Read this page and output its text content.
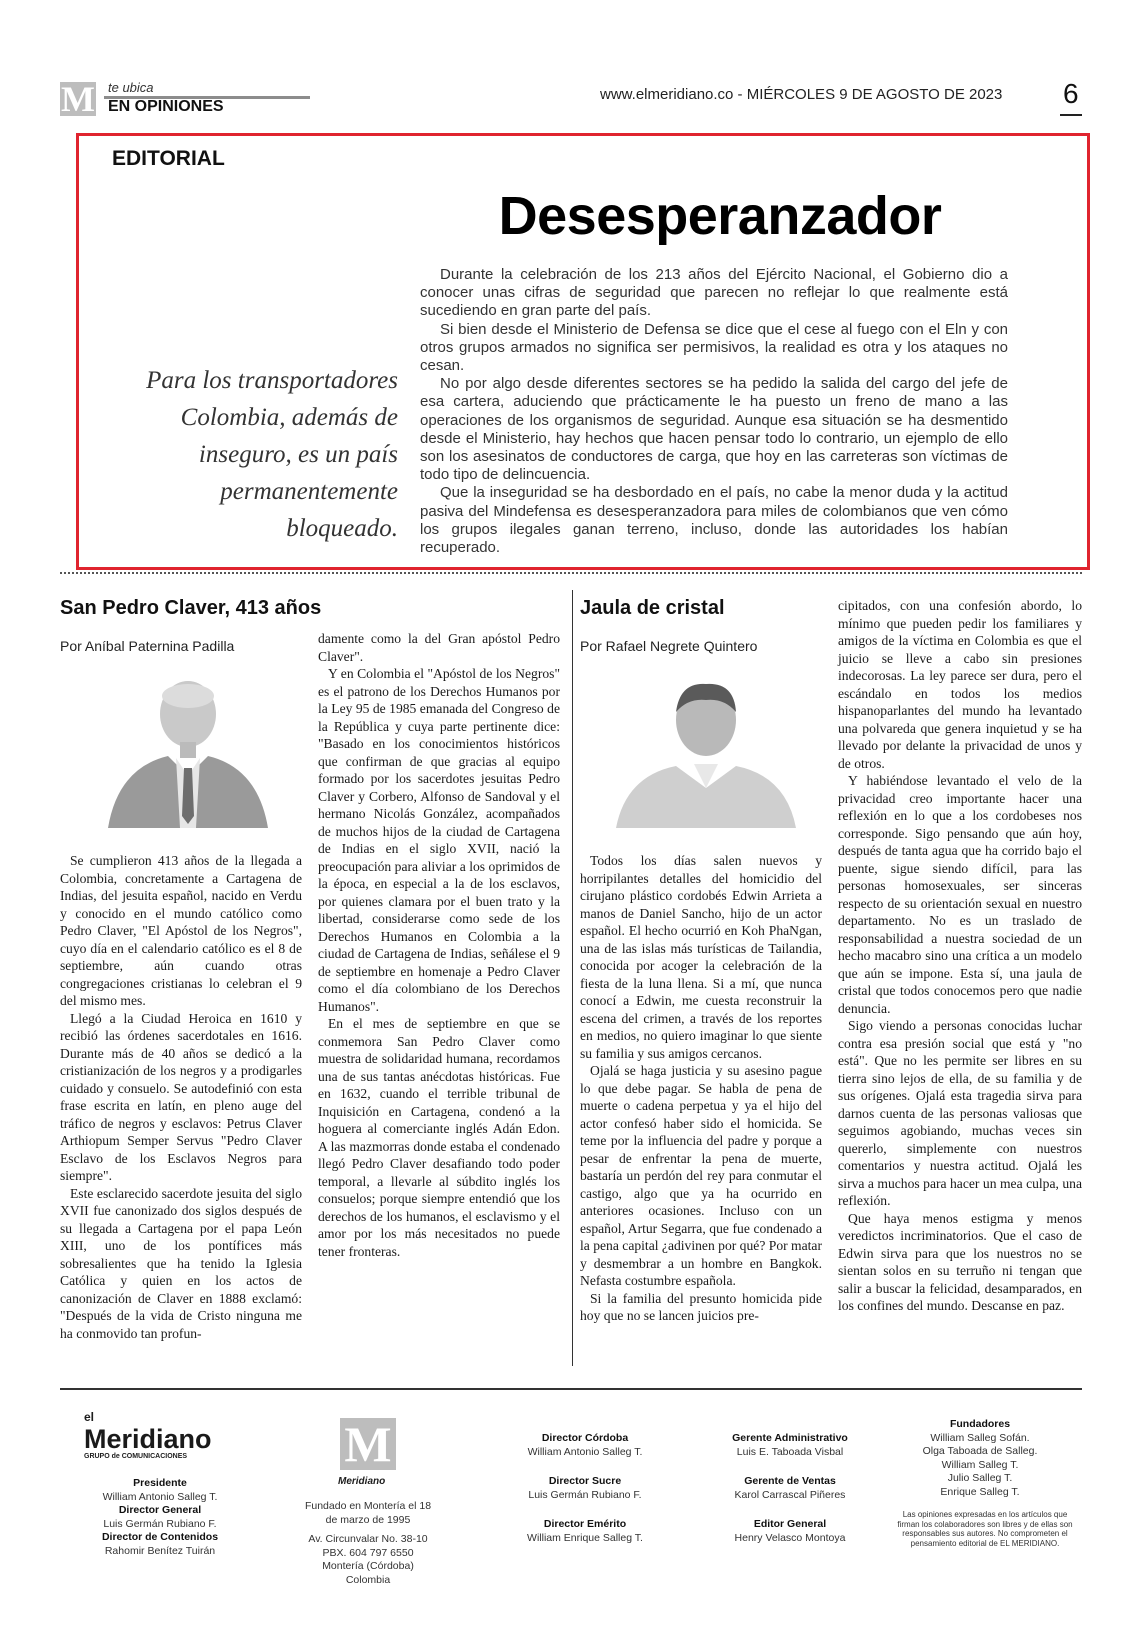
M te ubica
EN OPINIONES
www.elmeridiano.co - MIÉRCOLES 9 DE AGOSTO DE 2023 6
EDITORIAL
Desesperanzador
Para los transportadores Colombia, además de inseguro, es un país permanentemente bloqueado.

Durante la celebración de los 213 años del Ejército Nacional, el Gobierno dio a conocer unas cifras de seguridad que parecen no reflejar lo que realmente está sucediendo en gran parte del país.

Si bien desde el Ministerio de Defensa se dice que el cese al fuego con el Eln y con otros grupos armados no significa ser permisivos, la realidad es otra y los ataques no cesan.

No por algo desde diferentes sectores se ha pedido la salida del cargo del jefe de esa cartera, aduciendo que prácticamente le ha puesto un freno de mano a las operaciones de los organismos de seguridad. Aunque esa situación se ha desmentido desde el Ministerio, hay hechos que hacen pensar todo lo contrario, un ejemplo de ello son los asesinatos de conductores de carga, que hoy en las carreteras son víctimas de todo tipo de delincuencia.

Que la inseguridad se ha desbordado en el país, no cabe la menor duda y la actitud pasiva del Mindefensa es desesperanzadora para miles de colombianos que ven cómo los grupos ilegales ganan terreno, incluso, donde las autoridades los habían recuperado.

San Pedro Claver, 413 años
Por Aníbal Paternina Padilla

Se cumplieron 413 años de la llegada a Colombia, concretamente a Cartagena de Indias, del jesuita español, nacido en Verdu y conocido en el mundo católico como Pedro Claver, "El Apóstol de los Negros", cuyo día en el calendario católico es el 8 de septiembre, aún cuando otras congregaciones cristianas lo celebran el 9 del mismo mes.

Llegó a la Ciudad Heroica en 1610 y recibió las órdenes sacerdotales en 1616. Durante más de 40 años se dedicó a la cristianización de los negros y a prodigarles cuidado y consuelo. Se autodefinió con esta frase escrita en latín, en pleno auge del tráfico de negros y esclavos: Petrus Claver Arthiopum Semper Servus "Pedro Claver Esclavo de los Esclavos Negros para siempre".

Este esclarecido sacerdote jesuita del siglo XVII fue canonizado dos siglos después de su llegada a Cartagena por el papa León XIII, uno de los pontífices más sobresalientes que ha tenido la Iglesia Católica y quien en los actos de canonización de Claver en 1888 exclamó: "Después de la vida de Cristo ninguna me ha conmovido tan profun-

damente como la del Gran apóstol Pedro Claver".

Y en Colombia el "Apóstol de los Negros" es el patrono de los Derechos Humanos por la Ley 95 de 1985 emanada del Congreso de la República y cuya parte pertinente dice: "Basado en los conocimientos históricos que confirman de que gracias al equipo formado por los sacerdotes jesuitas Pedro Claver y Corbero, Alfonso de Sandoval y el hermano Nicolás González, acompañados de muchos hijos de la ciudad de Cartagena de Indias en el siglo XVII, nació la preocupación para aliviar a los oprimidos de la época, en especial a la de los esclavos, por quienes clamara por el buen trato y la libertad, considerarse como sede de los Derechos Humanos en Colombia a la ciudad de Cartagena de Indias, señálese el 9 de septiembre en homenaje a Pedro Claver como el día colombiano de los Derechos Humanos".

En el mes de septiembre en que se conmemora San Pedro Claver como muestra de solidaridad humana, recordamos una de sus tantas anécdotas históricas. Fue en 1632, cuando el terrible tribunal de Inquisición en Cartagena, condenó a la hoguera al comerciante inglés Adán Edon. A las mazmorras donde estaba el condenado llegó Pedro Claver desafiando todo poder temporal, a llevarle al súbdito inglés los consuelos; porque siempre entendió que los derechos de los humanos, el esclavismo y el amor por los más necesitados no puede tener fronteras.

Jaula de cristal
Por Rafael Negrete Quintero

Todos los días salen nuevos y horripilantes detalles del homicidio del cirujano plástico cordobés Edwin Arrieta a manos de Daniel Sancho, hijo de un actor español. El hecho ocurrió en Koh PhaNgan, una de las islas más turísticas de Tailandia, conocida por acoger la celebración de la fiesta de la luna llena. Si a mí, que nunca conocí a Edwin, me cuesta reconstruir la escena del crimen, a través de los reportes en medios, no quiero imaginar lo que siente su familia y sus amigos cercanos.

Ojalá se haga justicia y su asesino pague lo que debe pagar. Se habla de pena de muerte o cadena perpetua y ya el hijo del actor confesó haber sido el homicida. Se teme por la influencia del padre y porque a pesar de enfrentar la pena de muerte, bastaría un perdón del rey para conmutar el castigo, algo que ya ha ocurrido en anteriores ocasiones. Incluso con un español, Artur Segarra, que fue condenado a la pena capital ¿adivinen por qué? Por matar y desmembrar a un hombre en Bangkok. Nefasta costumbre española.

Si la familia del presunto homicida pide hoy que no se lancen juicios pre-

cipitados, con una confesión abordo, lo mínimo que pueden pedir los familiares y amigos de la víctima en Colombia es que el juicio se lleve a cabo sin presiones indecorosas. La ley parece ser dura, pero el escándalo en todos los medios hispanoparlantes del mundo ha levantado una polvareda que genera inquietud y se ha llevado por delante la privacidad de unos y de otros.

Y habiéndose levantado el velo de la privacidad creo importante hacer una reflexión en lo que a los cordobeses nos corresponde. Sigo pensando que aún hoy, después de tanta agua que ha corrido bajo el puente, sigue siendo difícil, para las personas homosexuales, ser sinceras respecto de su orientación sexual en nuestro departamento. No es un traslado de responsabilidad a nuestra sociedad de un hecho macabro sino una crítica a un modelo que aún se impone. Esta sí, una jaula de cristal que todos conocemos pero que nadie denuncia.

Sigo viendo a personas conocidas luchar contra esa presión social que está y "no está". Que no les permite ser libres en su tierra sino lejos de ella, de su familia y de sus orígenes. Ojalá esta tragedia sirva para darnos cuenta de las personas valiosas que seguimos agobiando, muchas veces sin quererlo, simplemente con nuestros comentarios y nuestra actitud. Ojalá les sirva a muchos para hacer un mea culpa, una reflexión.

Que haya menos estigma y menos veredictos incriminatorios. Que el caso de Edwin sirva para que los nuestros no se sientan solos en su terruño ni tengan que salir a buscar la felicidad, desamparados, en los confines del mundo. Descanse en paz.

el
Meridiano
GRUPO de COMUNICACIONES
Presidente
William Antonio Salleg T.
Director General
Luis Germán Rubiano F.
Director de Contenidos
Rahomir Benítez Tuirán
M
Meridiano
Fundado en Montería el 18 de marzo de 1995
Av. Circunvalar No. 38-10
PBX. 604 797 6550
Montería (Córdoba) Colombia
Director Córdoba
William Antonio Salleg T.
Director Sucre
Luis Germán Rubiano F.
Director Emérito
William Enrique Salleg T.
Gerente Administrativo
Luis E. Taboada Visbal
Gerente de Ventas
Karol Carrascal Piñeres
Editor General
Henry Velasco Montoya
Fundadores
William Salleg Sofán.
Olga Taboada de Salleg.
William Salleg T.
Julio Salleg T.
Enrique Salleg T.
Las opiniones expresadas en los artículos que firman los colaboradores son libres y de ellas son responsables sus autores. No comprometen el pensamiento editorial de EL MERIDIANO.
